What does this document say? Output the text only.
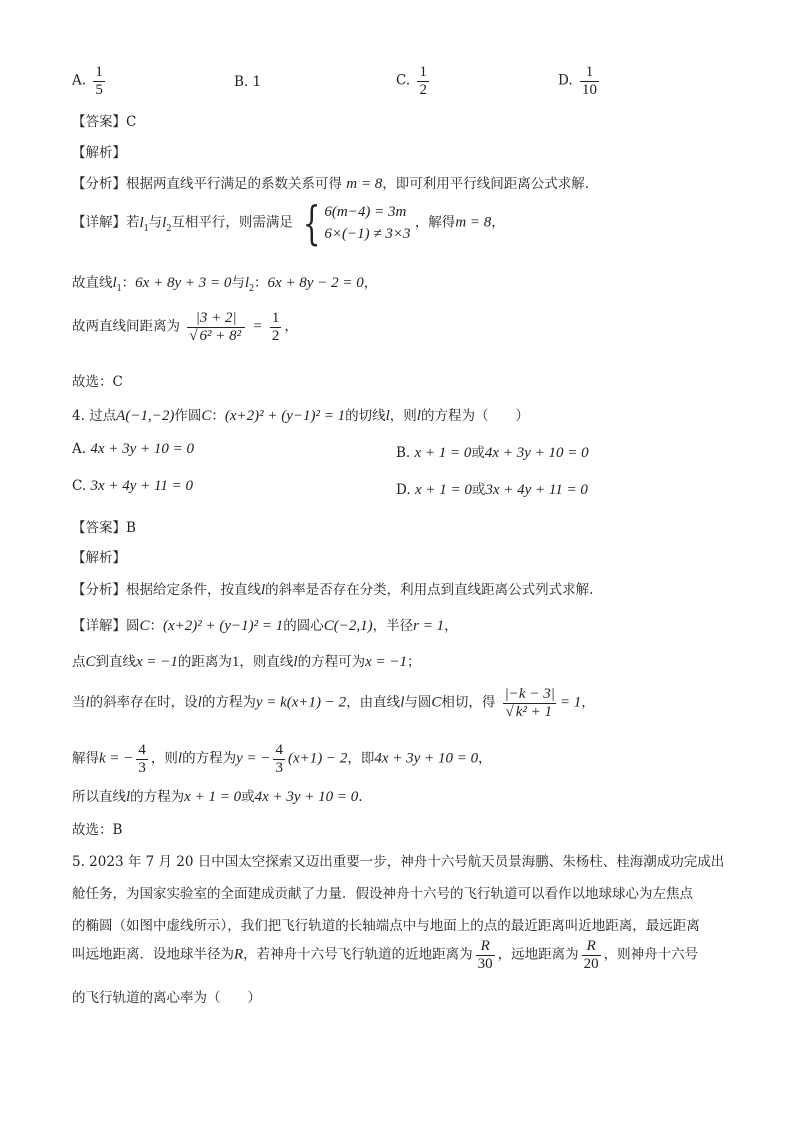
A. $\frac{1}{5}$	B. 1	C. $\frac{1}{2}$	D. $\frac{1}{10}$
【答案】C
【解析】
【分析】根据两直线平行满足的系数关系可得 m = 8，即可利用平行线间距离公式求解.
【详解】若$l_1$与$l_2$互相平行，则需满足 { 6(m−4) = 3m
6×(−1) ≠ 3×3
，解得m = 8，
故直线$l_1$：6x + 8y + 3 = 0与$l_2$：6x + 8y − 2 = 0，
故两直线间距离为 $\frac{|3 + 2|}{\text{√ 6² + 8²}} = \frac{1}{2}$ ，
故选：C
4. 过点A(−1,−2)作圆C：(x+2)² + (y−1)² = 1的切线l，则l的方程为（　　）
A. 4x + 3y + 10 = 0	B. x + 1 = 0或4x + 3y + 10 = 0
C. 3x + 4y + 11 = 0	D. x + 1 = 0或3x + 4y + 11 = 0
【答案】B
【解析】
【分析】根据给定条件，按直线l的斜率是否存在分类，利用点到直线距离公式列式求解.
【详解】圆C：(x+2)² + (y−1)² = 1的圆心C(−2,1)，半径r = 1，
点C到直线x = −1的距离为1，则直线l的方程可为x = −1；
当l的斜率存在时，设l的方程为y = k(x+1) − 2，由直线l与圆C相切，得 $\frac{|-k - 3|}{\text{√ k² + 1}} = 1$，
解得k = − $\frac{4}{3}$ ，则l的方程为y = − $\frac{4}{3} (x+1) - 2$，即4x + 3y + 10 = 0，
所以直线l的方程为x + 1 = 0或4x + 3y + 10 = 0.
故选：B
5. 2023 年 7 月 20 日中国太空探索又迈出重要一步，神舟十六号航天员景海鹏、朱杨柱、桂海潮成功完成出
舱任务，为国家实验室的全面建成贡献了力量．假设神舟十六号的飞行轨道可以看作以地球球心为左焦点
的椭圆（如图中虚线所示），我们把飞行轨道的长轴端点中与地面上的点的最近距离叫近地距离，最远距离
叫远地距离．设地球半径为R，若神舟十六号飞行轨道的近地距离为 $\frac{R}{30}$ ，远地距离为 $\frac{R}{20}$ ，则神舟十六号
的飞行轨道的离心率为（　　）
